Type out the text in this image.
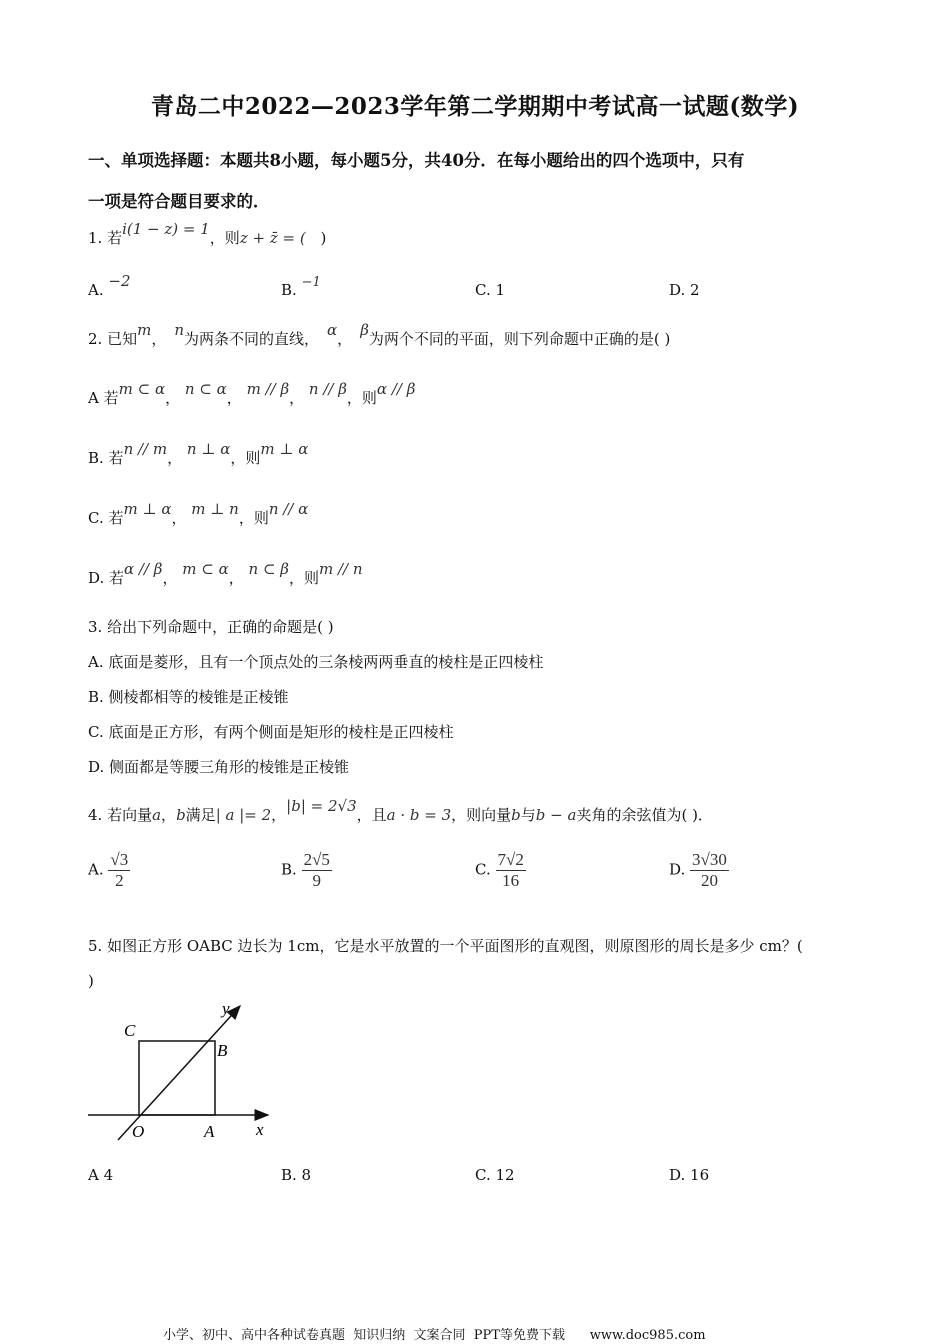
青岛二中2022—2023学年第二学期期中考试高一试题(数学)
一、单项选择题：本题共8小题，每小题5分，共40分．在每小题给出的四个选项中，只有
一项是符合题目要求的．
1. 若i(1 − z) = 1，则z + z̄ = ( )
A. −2	B. −1	C. 1	D. 2
2. 已知m， n为两条不同的直线， α， β为两个不同的平面，则下列命题中正确的是( )
A 若m ⊂ α， n ⊂ α， m // β， n // β，则α // β
B. 若n // m， n ⊥ α，则m ⊥ α
C. 若m ⊥ α， m ⊥ n，则n // α
D. 若α // β， m ⊂ α， n ⊂ β，则m // n
3. 给出下列命题中，正确的命题是( )
A. 底面是菱形，且有一个顶点处的三条棱两两垂直的棱柱是正四棱柱
B. 侧棱都相等的棱锥是正棱锥
C. 底面是正方形，有两个侧面是矩形的棱柱是正四棱柱
D. 侧面都是等腰三角形的棱锥是正棱锥
4. 若向量a，b满足| a |= 2，|b| = 2√3，且a · b = 3，则向量b与b − a夹角的余弦值为( )．
A. $\frac{√3}{2}$	B. $\frac{2√5}{9}$	C. $\frac{7√2}{16}$	D. $\frac{3√30}{20}$
5. 如图正方形 OABC 边长为 1cm，它是水平放置的一个平面图形的直观图，则原图形的周长是多少 cm？(
)
C
B
O	A x
y
A 4	B. 8	C. 12	D. 16
小学、初中、高中各种试卷真题  知识归纳  文案合同  PPT等免费下载      www.doc985.com
